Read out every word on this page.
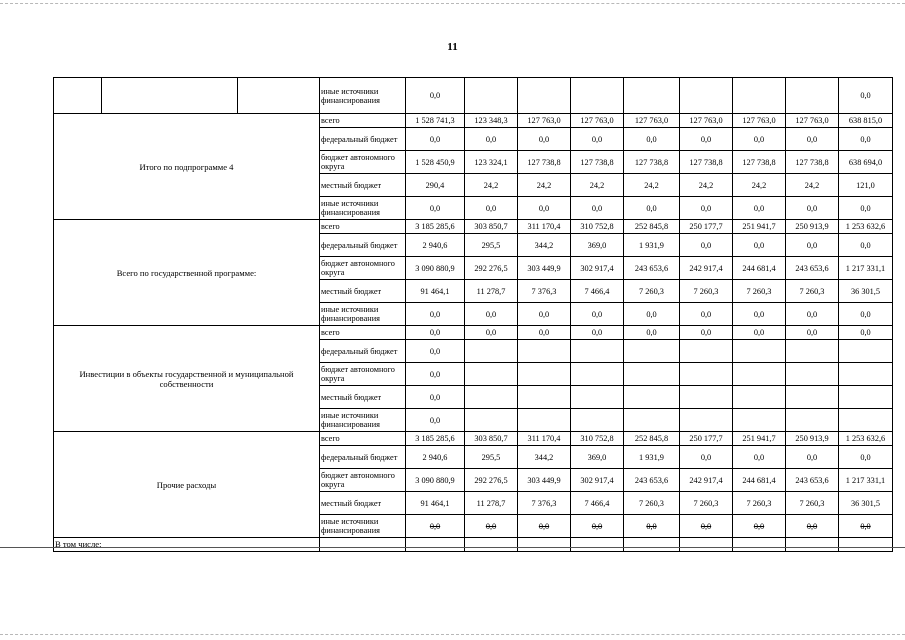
11
			иные источники финансирования	0,0								0,0
Итого по подпрограмме 4			всего	1 528 741,3	123 348,3	127 763,0	127 763,0	127 763,0	127 763,0	127 763,0	127 763,0	638 815,0
			федеральный бюджет	0,0	0,0	0,0	0,0	0,0	0,0	0,0	0,0	0,0
			бюджет автономного округа	1 528 450,9	123 324,1	127 738,8	127 738,8	127 738,8	127 738,8	127 738,8	127 738,8	638 694,0
			местный бюджет	290,4	24,2	24,2	24,2	24,2	24,2	24,2	24,2	121,0
			иные источники финансирования	0,0	0,0	0,0	0,0	0,0	0,0	0,0	0,0	0,0
Всего по государственной программе:			всего	3 185 285,6	303 850,7	311 170,4	310 752,8	252 845,8	250 177,7	251 941,7	250 913,9	1 253 632,6
			федеральный бюджет	2 940,6	295,5	344,2	369,0	1 931,9	0,0	0,0	0,0	0,0
			бюджет автономного округа	3 090 880,9	292 276,5	303 449,9	302 917,4	243 653,6	242 917,4	244 681,4	243 653,6	1 217 331,1
			местный бюджет	91 464,1	11 278,7	7 376,3	7 466,4	7 260,3	7 260,3	7 260,3	7 260,3	36 301,5
			иные источники финансирования	0,0	0,0	0,0	0,0	0,0	0,0	0,0	0,0	0,0
Инвестиции в объекты государственной и муниципальной собственности			всего	0,0	0,0	0,0	0,0	0,0	0,0	0,0	0,0	0,0
			федеральный бюджет	0,0								
			бюджет автономного округа	0,0								
			местный бюджет	0,0								
			иные источники финансирования	0,0								
Прочие расходы			всего	3 185 285,6	303 850,7	311 170,4	310 752,8	252 845,8	250 177,7	251 941,7	250 913,9	1 253 632,6
			федеральный бюджет	2 940,6	295,5	344,2	369,0	1 931,9	0,0	0,0	0,0	0,0
			бюджет автономного округа	3 090 880,9	292 276,5	303 449,9	302 917,4	243 653,6	242 917,4	244 681,4	243 653,6	1 217 331,1
			местный бюджет	91 464,1	11 278,7	7 376,3	7 466,4	7 260,3	7 260,3	7 260,3	7 260,3	36 301,5
			иные источники финансирования	0,0	0,0	0,0	0,0	0,0	0,0	0,0	0,0	0,0
В том числе:												
